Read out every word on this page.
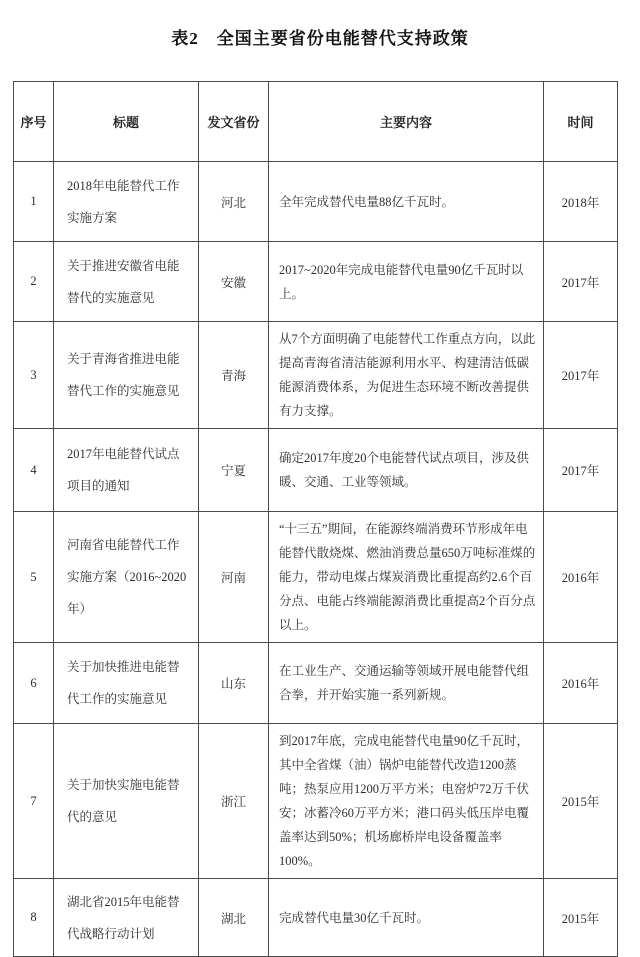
表2　全国主要省份电能替代支持政策
序号	标题	发文省份	主要内容	时间
1	2018年电能替代工作实施方案	河北	全年完成替代电量88亿千瓦时。	2018年
2	关于推进安徽省电能替代的实施意见	安徽	2017~2020年完成电能替代电量90亿千瓦时以上。	2017年
3	关于青海省推进电能替代工作的实施意见	青海	从7个方面明确了电能替代工作重点方向，以此提高青海省清洁能源利用水平、构建清洁低碳能源消费体系，为促进生态环境不断改善提供有力支撑。	2017年
4	2017年电能替代试点项目的通知	宁夏	确定2017年度20个电能替代试点项目，涉及供暖、交通、工业等领域。	2017年
5	河南省电能替代工作实施方案（2016~2020年）	河南	“十三五”期间，在能源终端消费环节形成年电能替代散烧煤、燃油消费总量650万吨标准煤的能力，带动电煤占煤炭消费比重提高约2.6个百分点、电能占终端能源消费比重提高2个百分点以上。	2016年
6	关于加快推进电能替代工作的实施意见	山东	在工业生产、交通运输等领域开展电能替代组合拳，并开始实施一系列新规。	2016年
7	关于加快实施电能替代的意见	浙江	到2017年底，完成电能替代电量90亿千瓦时，其中全省煤（油）锅炉电能替代改造1200蒸吨；热泵应用1200万平方米；电窑炉72万千伏安；冰蓄冷60万平方米；港口码头低压岸电覆盖率达到50%；机场廊桥岸电设备覆盖率100%。	2015年
8	湖北省2015年电能替代战略行动计划	湖北	完成替代电量30亿千瓦时。	2015年
